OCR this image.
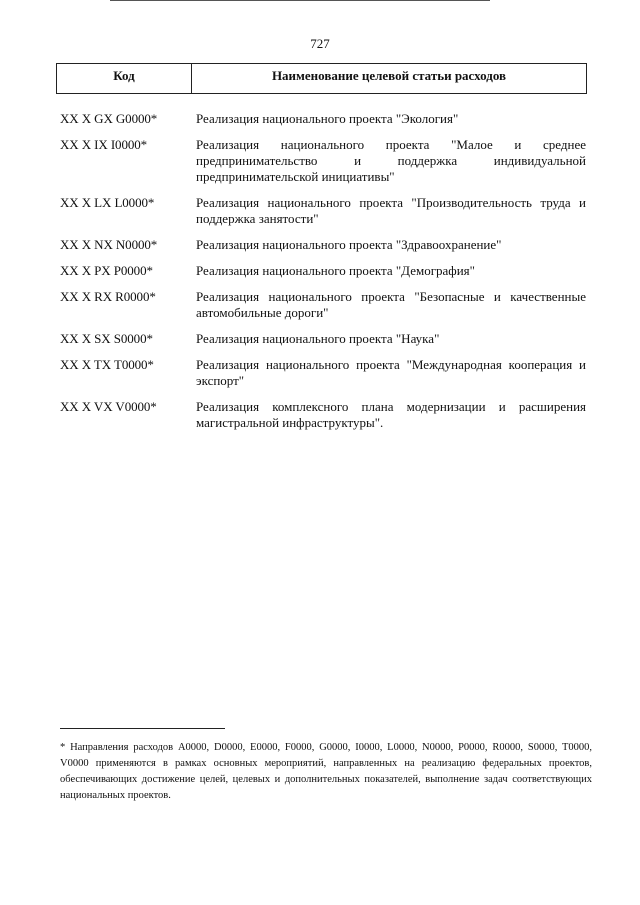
727
Код	Наименование целевой статьи расходов
XX X GX G0000*	Реализация национального проекта "Экология"
XX X IX I0000*	Реализация национального проекта "Малое и среднее предпринимательство и поддержка индивидуальной предпринимательской инициативы"
XX X LX L0000*	Реализация национального проекта "Производительность труда и поддержка занятости"
XX X NX N0000*	Реализация национального проекта "Здравоохранение"
XX X PX P0000*	Реализация национального проекта "Демография"
XX X RX R0000*	Реализация национального проекта "Безопасные и качественные автомобильные дороги"
XX X SX S0000*	Реализация национального проекта "Наука"
XX X TX T0000*	Реализация национального проекта "Международная кооперация и экспорт"
XX X VX V0000*	Реализация комплексного плана модернизации и расширения магистральной инфраструктуры".
* Направления расходов А0000, D0000, E0000, F0000, G0000, I0000, L0000, N0000, P0000, R0000, S0000, T0000, V0000 применяются в рамках основных мероприятий, направленных на реализацию федеральных проектов, обеспечивающих достижение целей, целевых и дополнительных показателей, выполнение задач соответствующих национальных проектов.
